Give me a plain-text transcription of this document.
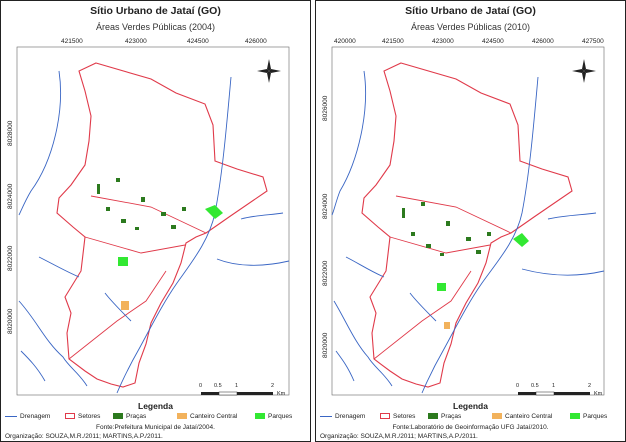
Sítio Urbano de Jataí (GO)
Áreas Verdes Públicas (2004)
421500	423000	424500	426000
8028000
8024000
8022000
8020000
0 0.5 1	2
Km
Legenda
Drenagem	Setores	Praças	Canteiro Central	Parques
Fonte:Prefeitura Municipal de Jataí/2004.
Organização: SOUZA,M.R./2011; MARTINS,A.P./2011.
Sítio Urbano de Jataí (GO)
Áreas Verdes Públicas (2010)
420000	421500	423000	424500	426000	427500
8026000
8024000
8022000
8020000
0 0.5 1	2
Km
Legenda
Drenagem	Setores	Praças	Canteiro Central	Parques
Fonte:Laboratório de Geoinformação UFG Jataí/2010.
Organização: SOUZA,M.R./2011; MARTINS,A.P./2011.
